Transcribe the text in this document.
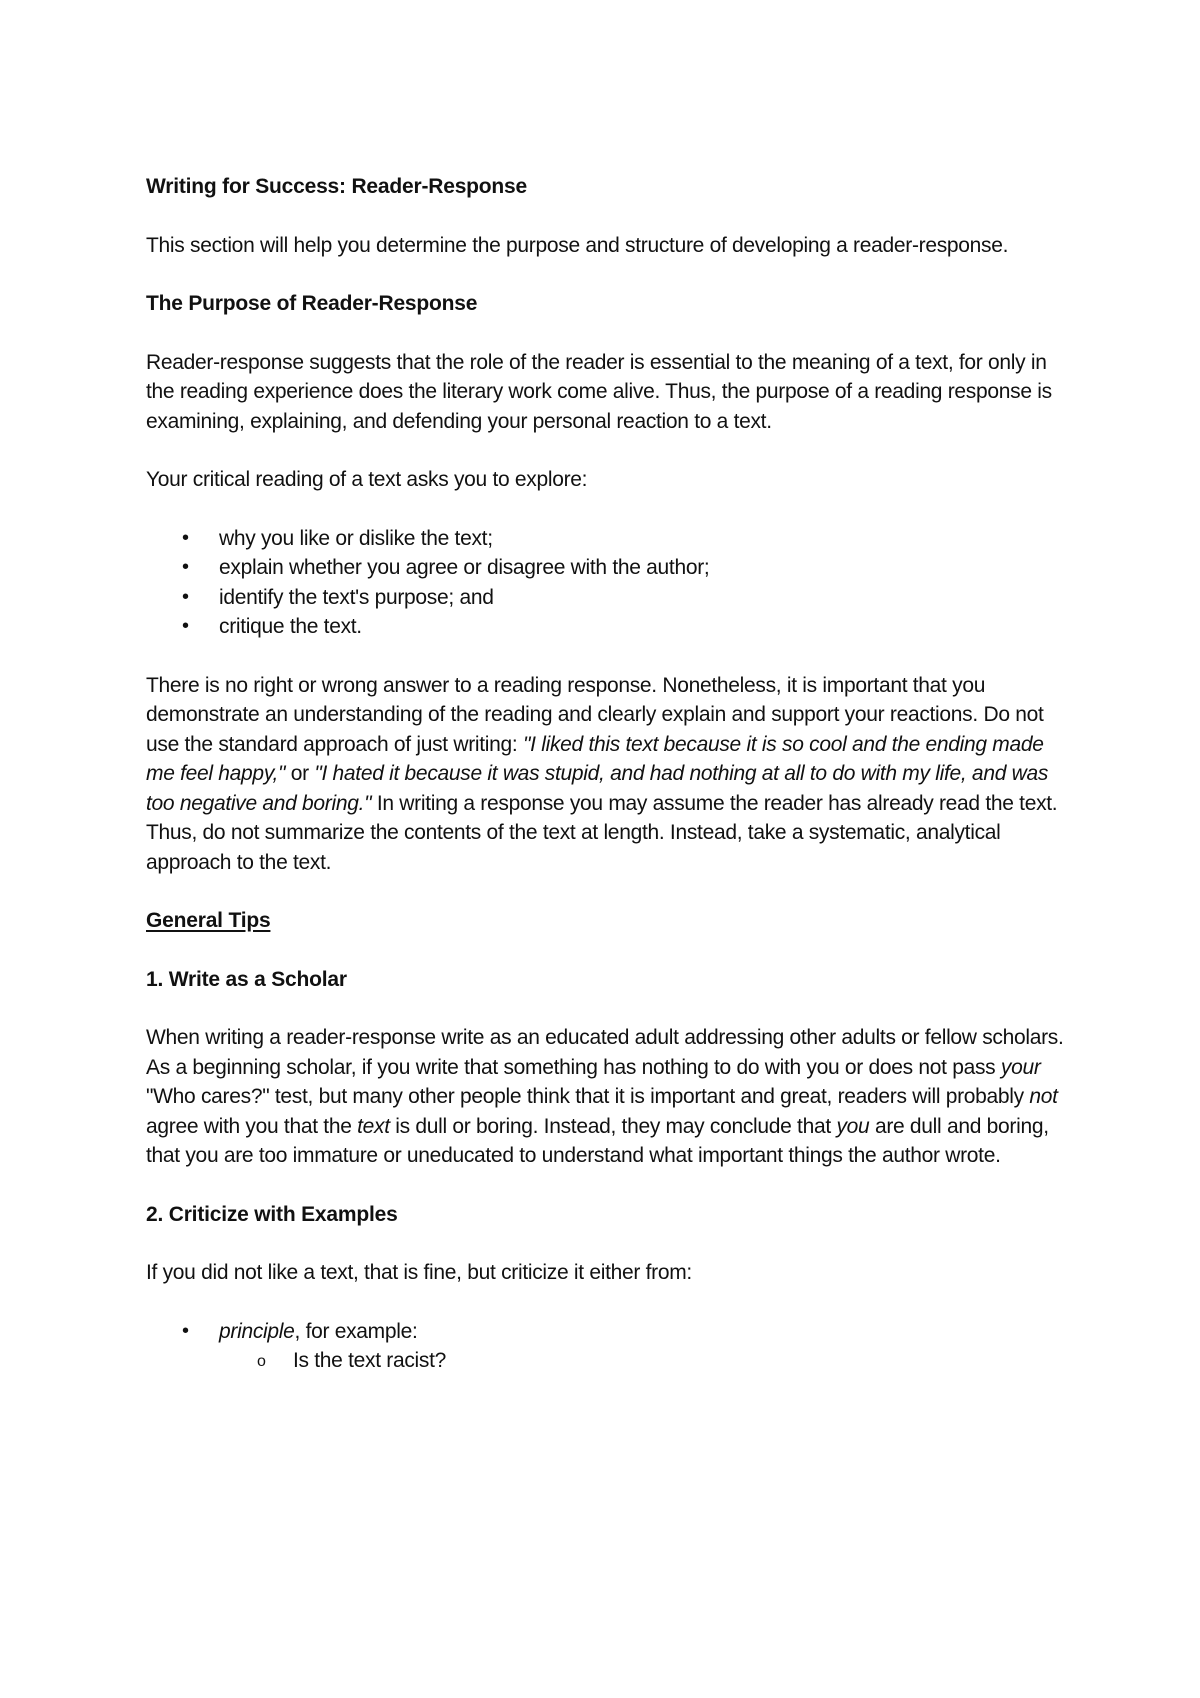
Writing for Success: Reader-Response

This section will help you determine the purpose and structure of developing a reader-response.

The Purpose of Reader-Response

Reader-response suggests that the role of the reader is essential to the meaning of a text, for only in the reading experience does the literary work come alive. Thus, the purpose of a reading response is examining, explaining, and defending your personal reaction to a text.

Your critical reading of a text asks you to explore:

• why you like or dislike the text;
• explain whether you agree or disagree with the author;
• identify the text's purpose; and
• critique the text.

There is no right or wrong answer to a reading response. Nonetheless, it is important that you demonstrate an understanding of the reading and clearly explain and support your reactions. Do not use the standard approach of just writing: "I liked this text because it is so cool and the ending made me feel happy," or "I hated it because it was stupid, and had nothing at all to do with my life, and was too negative and boring." In writing a response you may assume the reader has already read the text. Thus, do not summarize the contents of the text at length. Instead, take a systematic, analytical approach to the text.

General Tips

1. Write as a Scholar

When writing a reader-response write as an educated adult addressing other adults or fellow scholars. As a beginning scholar, if you write that something has nothing to do with you or does not pass your "Who cares?" test, but many other people think that it is important and great, readers will probably not agree with you that the text is dull or boring. Instead, they may conclude that you are dull and boring, that you are too immature or uneducated to understand what important things the author wrote.

2. Criticize with Examples

If you did not like a text, that is fine, but criticize it either from:

• principle, for example:
o Is the text racist?
